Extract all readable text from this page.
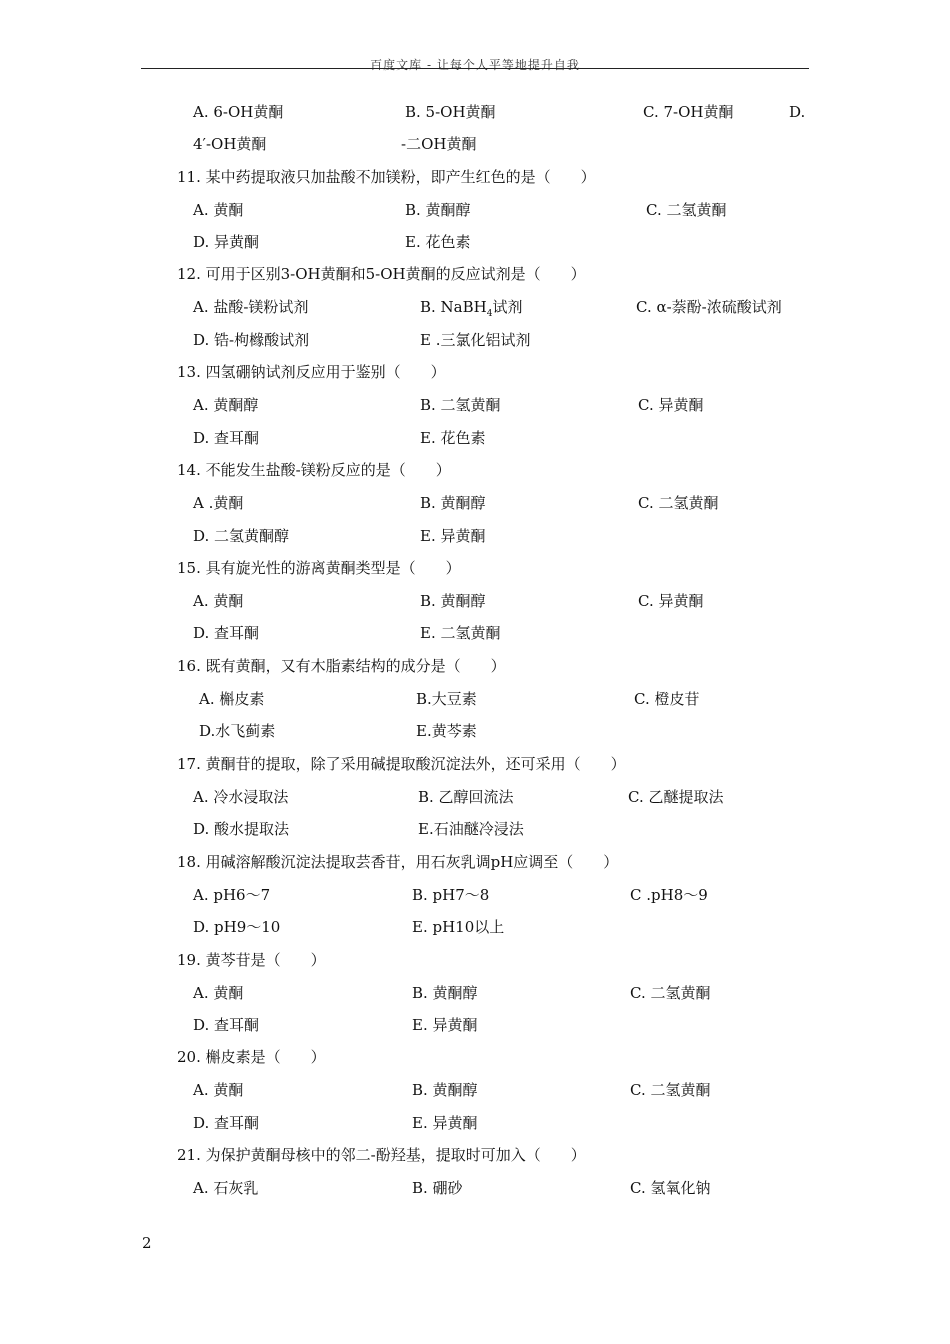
百度文库 - 让每个人平等地提升自我
A. 6-OH黄酮	B. 5-OH黄酮	C. 7-OH黄酮	D.
4′-OH黄酮	-二OH黄酮
11. 某中药提取液只加盐酸不加镁粉，即产生红色的是（　　）
A. 黄酮	B. 黄酮醇	C. 二氢黄酮
D. 异黄酮	E. 花色素
12. 可用于区别3-OH黄酮和5-OH黄酮的反应试剂是（　　）
A. 盐酸-镁粉试剂	B. NaBH$_4$试剂	C. α-萘酚-浓硫酸试剂
D. 锆-枸橼酸试剂	E .三氯化铝试剂
13. 四氢硼钠试剂反应用于鉴别（　　）
A. 黄酮醇	B. 二氢黄酮	C. 异黄酮
D. 查耳酮	E. 花色素
14. 不能发生盐酸-镁粉反应的是（　　）
A .黄酮	B. 黄酮醇	C. 二氢黄酮
D. 二氢黄酮醇	E. 异黄酮
15. 具有旋光性的游离黄酮类型是（　　）
A. 黄酮	B. 黄酮醇	C. 异黄酮
D. 查耳酮	E. 二氢黄酮
16. 既有黄酮，又有木脂素结构的成分是（　　）
A. 槲皮素	B.大豆素	C. 橙皮苷
D.水飞蓟素	E.黄芩素
17. 黄酮苷的提取，除了采用碱提取酸沉淀法外，还可采用（　　）
A. 冷水浸取法	B. 乙醇回流法	C. 乙醚提取法
D. 酸水提取法	E.石油醚冷浸法
18. 用碱溶解酸沉淀法提取芸香苷，用石灰乳调pH应调至（　　）
A. pH6～7	B. pH7～8	C .pH8～9
D. pH9～10	E. pH10以上
19. 黄芩苷是（　　）
A. 黄酮	B. 黄酮醇	C. 二氢黄酮
D. 查耳酮	E. 异黄酮
20. 槲皮素是（　　）
A. 黄酮	B. 黄酮醇	C. 二氢黄酮
D. 查耳酮	E. 异黄酮
21. 为保护黄酮母核中的邻二-酚羟基，提取时可加入（　　）
A. 石灰乳	B. 硼砂	C. 氢氧化钠
2
